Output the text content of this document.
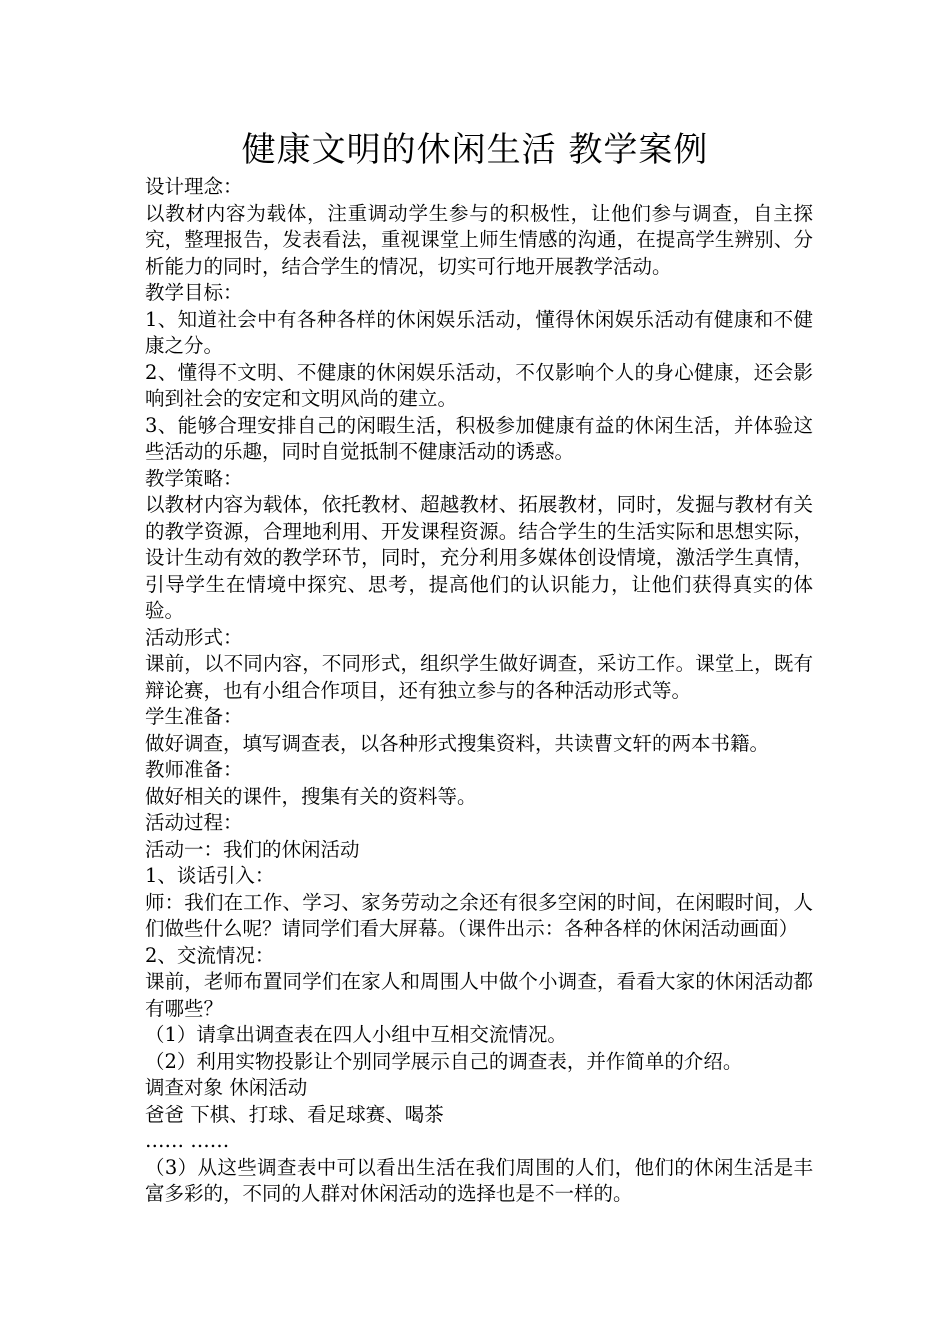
健康文明的休闲生活 教学案例

设计理念：

以教材内容为载体，注重调动学生参与的积极性，让他们参与调查，自主探究，整理报告，发表看法，重视课堂上师生情感的沟通，在提高学生辨别、分析能力的同时，结合学生的情况，切实可行地开展教学活动。

教学目标：

1、知道社会中有各种各样的休闲娱乐活动，懂得休闲娱乐活动有健康和不健康之分。

2、懂得不文明、不健康的休闲娱乐活动，不仅影响个人的身心健康，还会影响到社会的安定和文明风尚的建立。

3、能够合理安排自己的闲暇生活，积极参加健康有益的休闲生活，并体验这些活动的乐趣，同时自觉抵制不健康活动的诱惑。

教学策略：

以教材内容为载体，依托教材、超越教材、拓展教材，同时，发掘与教材有关的教学资源，合理地利用、开发课程资源。结合学生的生活实际和思想实际，设计生动有效的教学环节，同时，充分利用多媒体创设情境，激活学生真情，引导学生在情境中探究、思考，提高他们的认识能力，让他们获得真实的体验。

活动形式：

课前，以不同内容，不同形式，组织学生做好调查，采访工作。课堂上，既有辩论赛，也有小组合作项目，还有独立参与的各种活动形式等。

学生准备：

做好调查，填写调查表，以各种形式搜集资料，共读曹文轩的两本书籍。

教师准备：

做好相关的课件，搜集有关的资料等。

活动过程：

活动一：我们的休闲活动

1、谈话引入：

师：我们在工作、学习、家务劳动之余还有很多空闲的时间，在闲暇时间，人们做些什么呢？请同学们看大屏幕。（课件出示：各种各样的休闲活动画面）

2、交流情况：

课前，老师布置同学们在家人和周围人中做个小调查，看看大家的休闲活动都有哪些？

（1）请拿出调查表在四人小组中互相交流情况。

（2）利用实物投影让个别同学展示自己的调查表，并作简单的介绍。

调查对象 休闲活动

爸爸 下棋、打球、看足球赛、喝茶

…… ……

（3）从这些调查表中可以看出生活在我们周围的人们，他们的休闲生活是丰富多彩的，不同的人群对休闲活动的选择也是不一样的。
